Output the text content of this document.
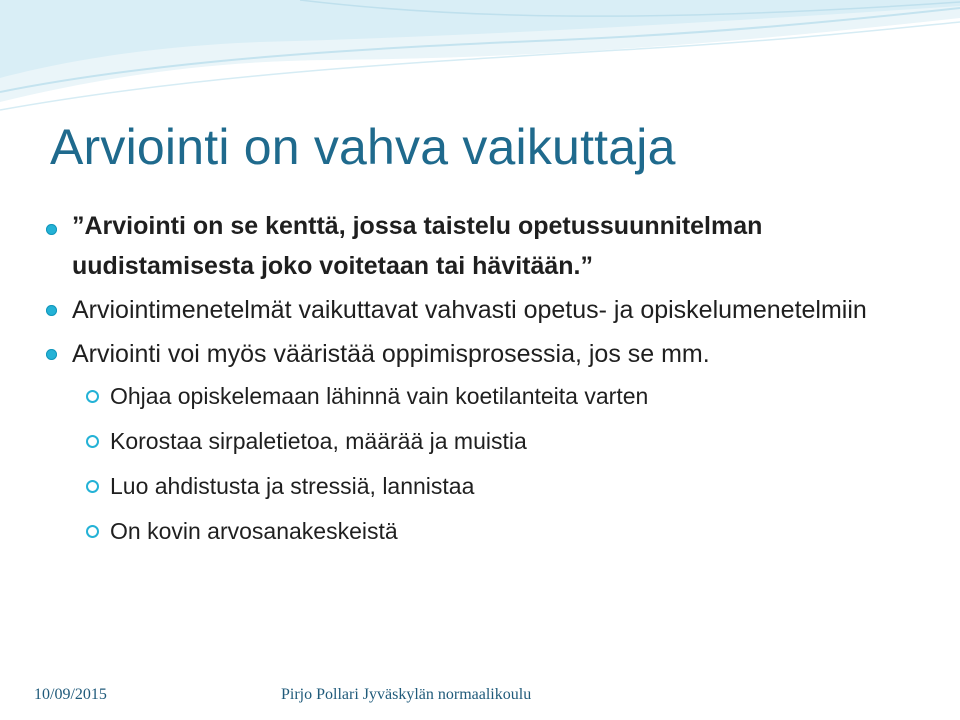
Arviointi on vahva vaikuttaja
”Arviointi on se kenttä, jossa taistelu opetussuunnitelman uudistamisesta joko voitetaan tai hävitään.”
Arviointimenetelmät vaikuttavat vahvasti opetus- ja opiskelumenetelmiin
Arviointi voi myös vääristää oppimisprosessia, jos se mm.
Ohjaa opiskelemaan lähinnä vain koetilanteita varten
Korostaa sirpaletietoa, määrää ja muistia
Luo ahdistusta ja stressiä, lannistaa
On kovin arvosanakeskeistä
10/09/2015	Pirjo Pollari Jyväskylän normaalikoulu
